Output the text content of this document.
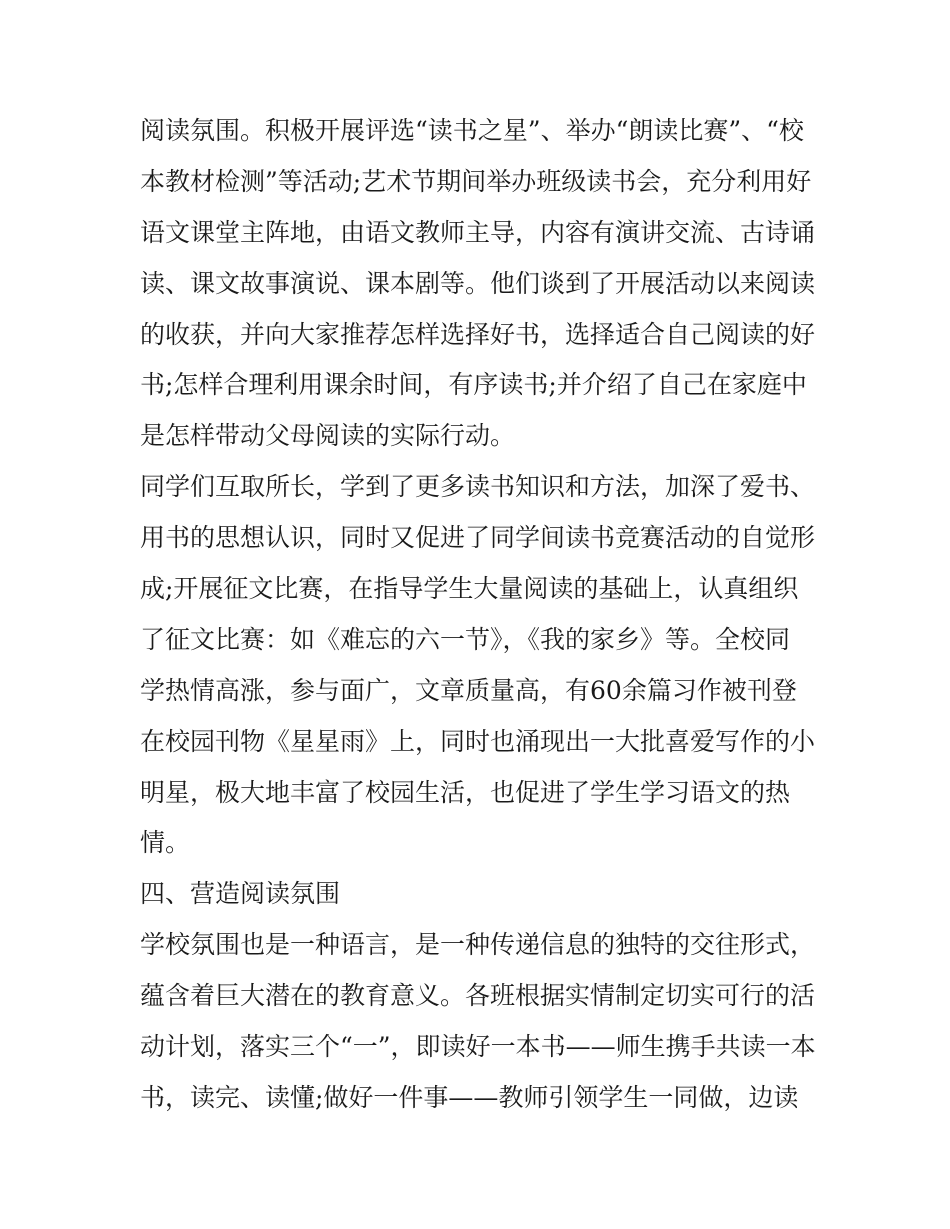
阅读氛围。积极开展评选“读书之星”、举办“朗读比赛”、“校
本教材检测”等活动;艺术节期间举办班级读书会，充分利用好
语文课堂主阵地，由语文教师主导，内容有演讲交流、古诗诵
读、课文故事演说、课本剧等。他们谈到了开展活动以来阅读
的收获，并向大家推荐怎样选择好书，选择适合自己阅读的好
书;怎样合理利用课余时间，有序读书;并介绍了自己在家庭中
是怎样带动父母阅读的实际行动。
同学们互取所长，学到了更多读书知识和方法，加深了爱书、
用书的思想认识，同时又促进了同学间读书竞赛活动的自觉形
成;开展征文比赛，在指导学生大量阅读的基础上，认真组织
了征文比赛：如《难忘的六一节》，《我的家乡》等。全校同
学热情高涨，参与面广，文章质量高，有60余篇习作被刊登
在校园刊物《星星雨》上，同时也涌现出一大批喜爱写作的小
明星，极大地丰富了校园生活，也促进了学生学习语文的热
情。
四、营造阅读氛围
学校氛围也是一种语言，是一种传递信息的独特的交往形式，
蕴含着巨大潜在的教育意义。各班根据实情制定切实可行的活
动计划，落实三个“一”，即读好一本书——师生携手共读一本
书，读完、读懂;做好一件事——教师引领学生一同做，边读
